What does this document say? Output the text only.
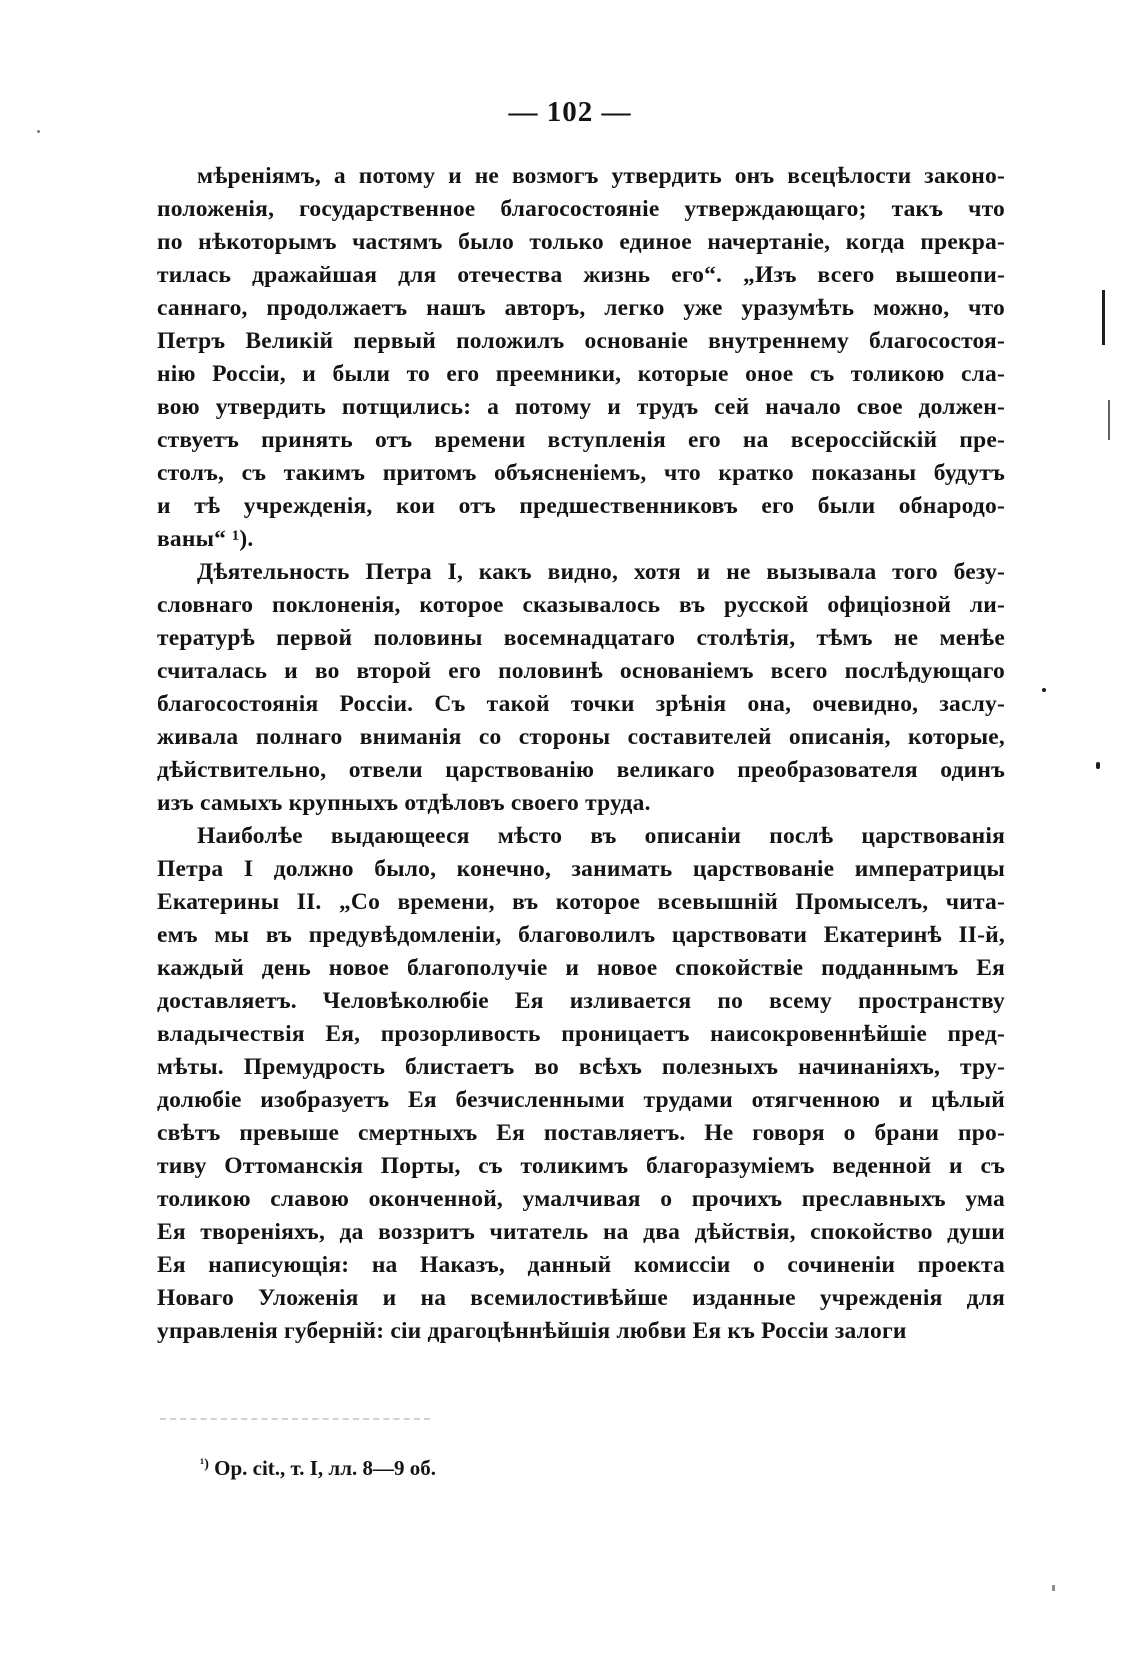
— 102 —
мѣреніямъ, а потому и не возмогъ утвердить онъ всецѣлости законо-
положенія, государственное благосостояніе утверждающаго; такъ что
по нѣкоторымъ частямъ было только единое начертаніе, когда прекра-
тилась дражайшая для отечества жизнь его“. „Изъ всего вышеопи-
саннаго, продолжаетъ нашъ авторъ, легко уже уразумѣть можно, что
Петръ Великій первый положилъ основаніе внутреннему благосостоя-
нію Россіи, и были то его преемники, которые оное съ толикою сла-
вою утвердить потщились: а потому и трудъ сей начало свое должен-
ствуетъ принять отъ времени вступленія его на всероссійскій пре-
столъ, съ такимъ притомъ объясненіемъ, что кратко показаны будутъ
и тѣ учрежденія, кои отъ предшественниковъ его были обнародо-
ваны“ ¹).
Дѣятельность Петра I, какъ видно, хотя и не вызывала того безу-
словнаго поклоненія, которое сказывалось въ русской офиціозной ли-
тературѣ первой половины восемнадцатаго столѣтія, тѣмъ не менѣе
считалась и во второй его половинѣ основаніемъ всего послѣдующаго
благосостоянія Россіи. Съ такой точки зрѣнія она, очевидно, заслу-
живала полнаго вниманія со стороны составителей описанія, которые,
дѣйствительно, отвели царствованію великаго преобразователя одинъ
изъ самыхъ крупныхъ отдѣловъ своего труда.
Наиболѣе выдающееся мѣсто въ описаніи послѣ царствованія
Петра I должно было, конечно, занимать царствованіе императрицы
Екатерины II. „Со времени, въ которое всевышній Промыселъ, чита-
емъ мы въ предувѣдомленіи, благоволилъ царствовати Екатеринѣ II-й,
каждый день новое благополучіе и новое спокойствіе подданнымъ Ея
доставляетъ. Человѣколюбіе Ея изливается по всему пространству
владычествія Ея, прозорливость проницаетъ наисокровеннѣйшіе пред-
мѣты. Премудрость блистаетъ во всѣхъ полезныхъ начинаніяхъ, тру-
долюбіе изобразуетъ Ея безчисленными трудами отягченною и цѣлый
свѣтъ превыше смертныхъ Ея поставляетъ. Не говоря о брани про-
тиву Оттоманскія Порты, съ толикимъ благоразуміемъ веденной и съ
толикою славою оконченной, умалчивая о прочихъ преславныхъ ума
Ея твореніяхъ, да воззритъ читатель на два дѣйствія, спокойство души
Ея написующія: на Наказъ, данный комиссіи о сочиненіи проекта
Новаго Уложенія и на всемилостивѣйше изданные учрежденія для
управленія губерній: сіи драгоцѣннѣйшія любви Ея къ Россіи залоги
$^{^1)}$ Op. cit., т. I, лл. 8—9 об.
